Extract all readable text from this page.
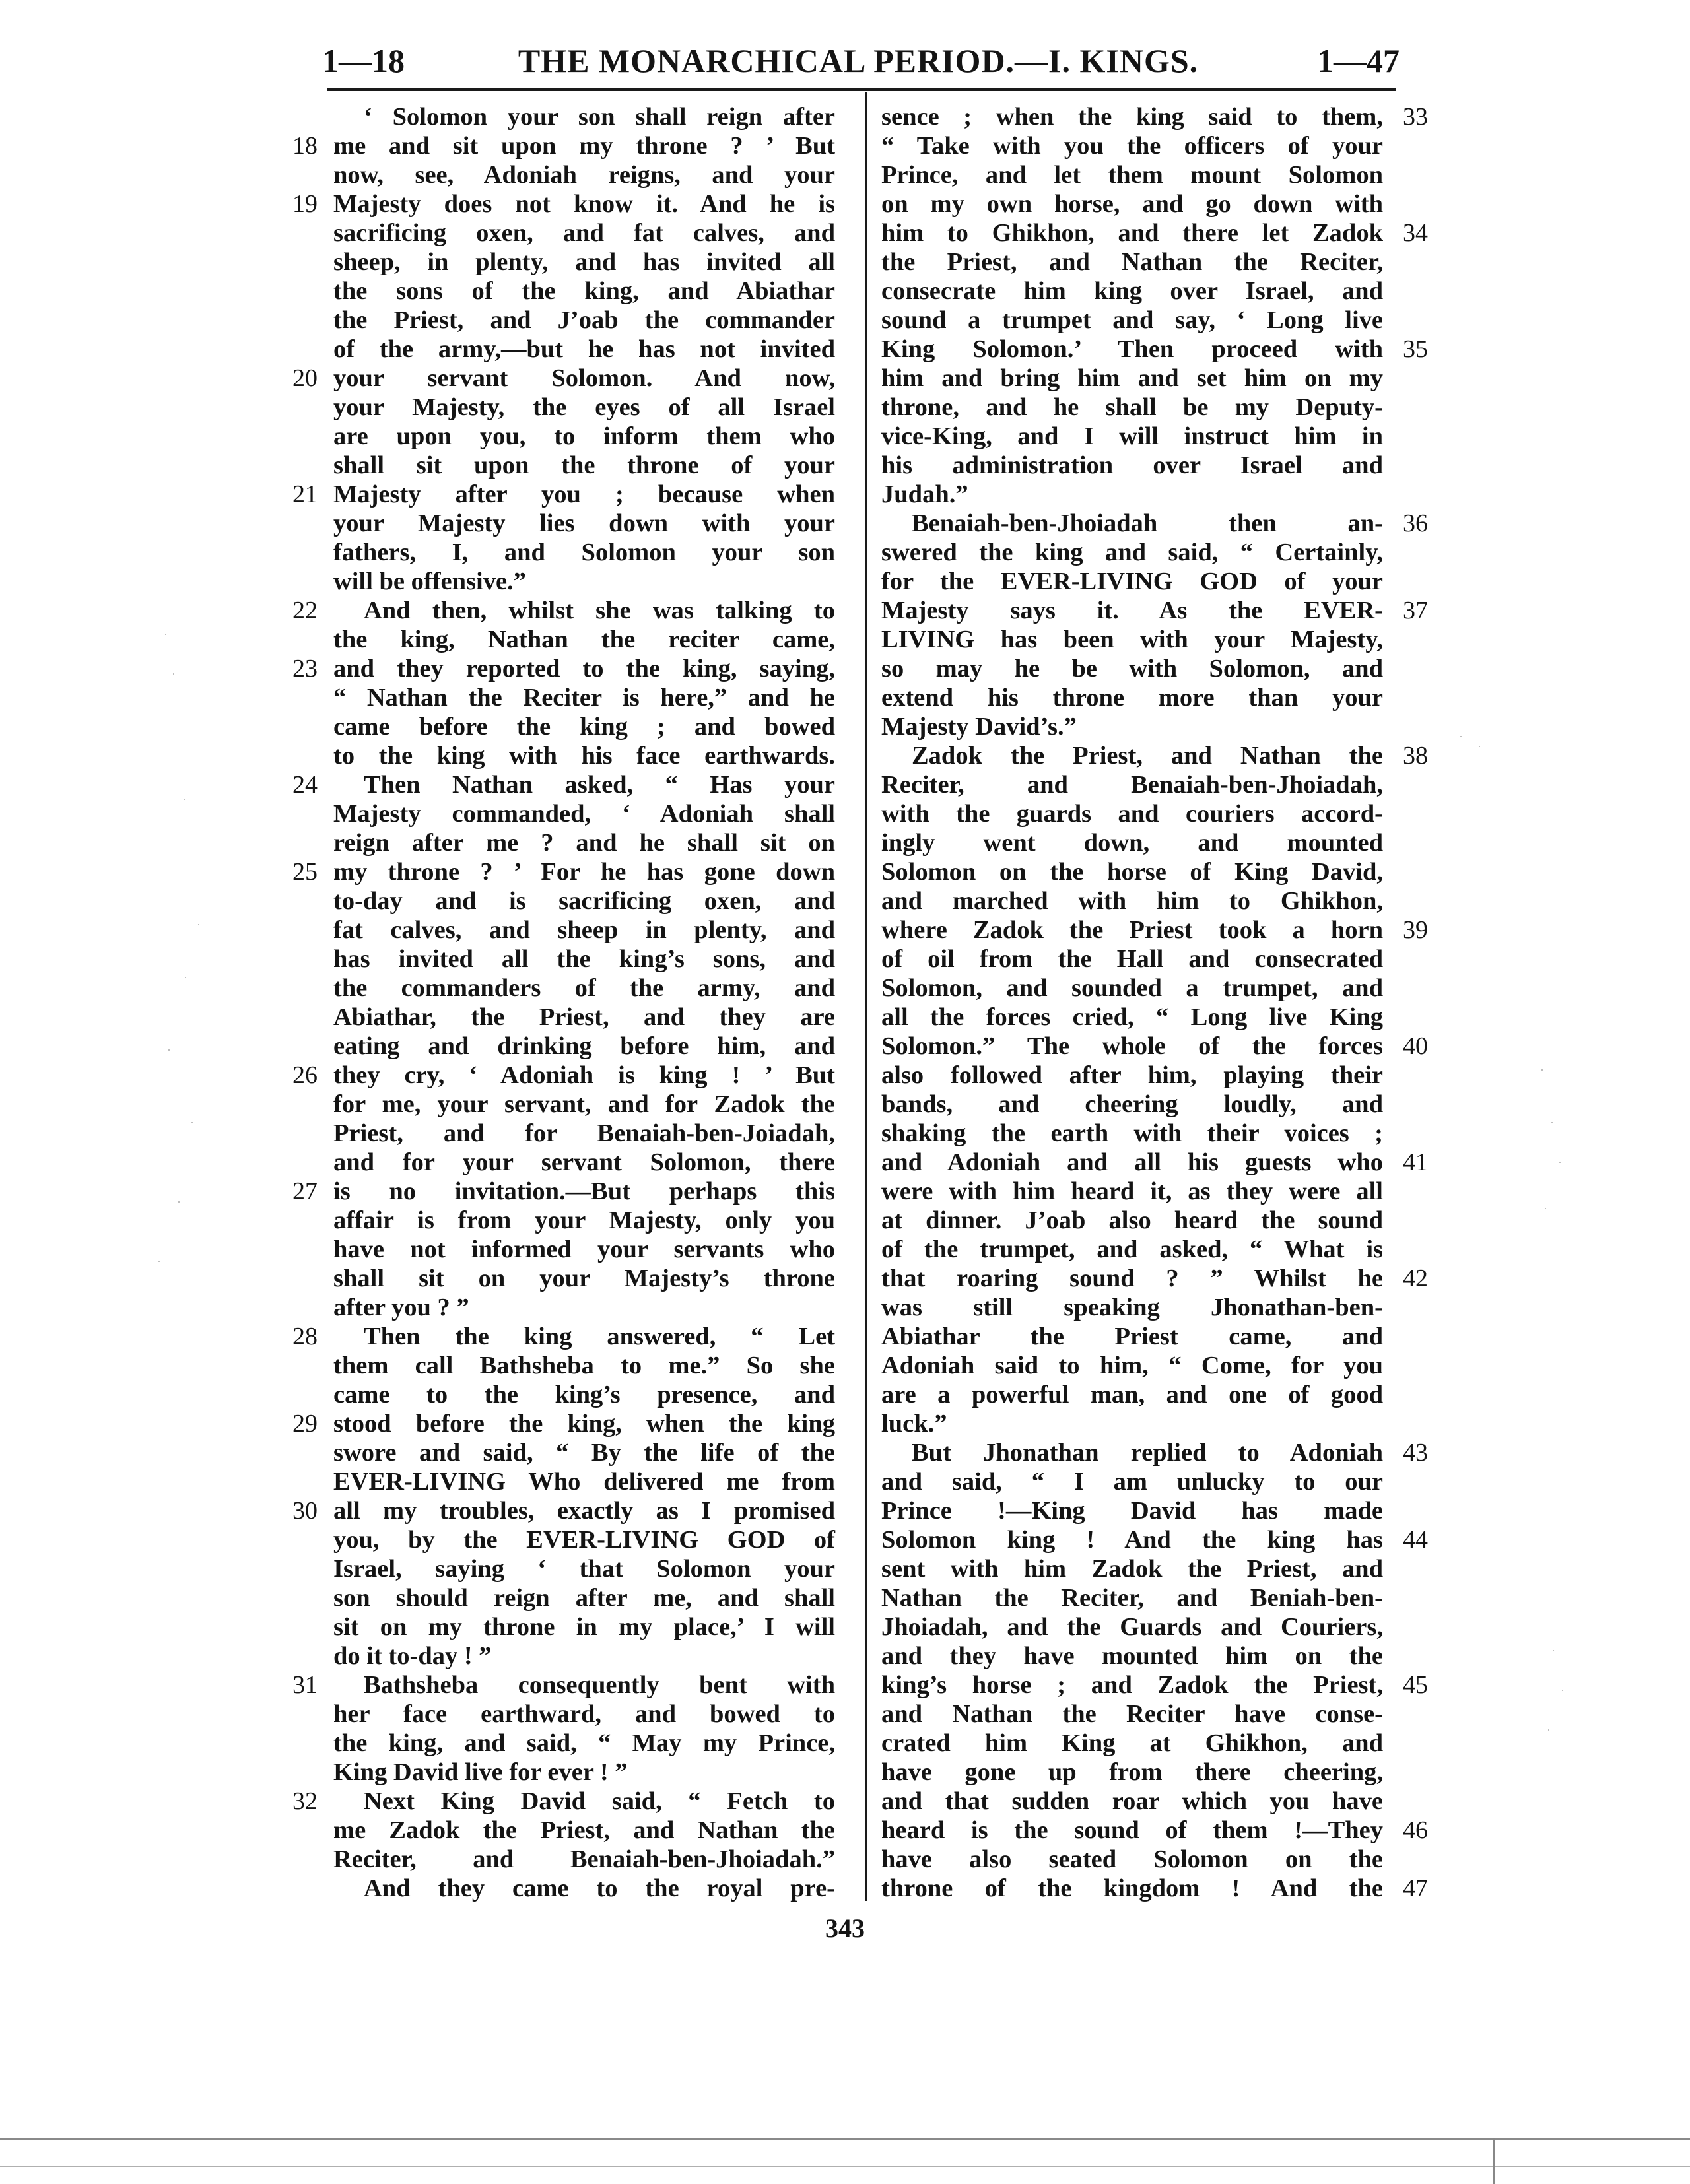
1—18	THE MONARCHICAL PERIOD.—I. KINGS.	1—47
‘ Solomon your son shall reign after
me and sit upon my throne ? ’ But
18
now, see, Adoniah reigns, and your
Majesty does not know it. And he is
19
sacrificing oxen, and fat calves, and
sheep, in plenty, and has invited all
the sons of the king, and Abiathar
the Priest, and J’oab the commander
of the army,—but he has not invited
your servant Solomon. And now,
20
your Majesty, the eyes of all Israel
are upon you, to inform them who
shall sit upon the throne of your
Majesty after you ; because when
21
your Majesty lies down with your
fathers, I, and Solomon your son
will be offensive.”
And then, whilst she was talking to
22
the king, Nathan the reciter came,
and they reported to the king, saying,
23
“ Nathan the Reciter is here,” and he
came before the king ; and bowed
to the king with his face earthwards.
Then Nathan asked, “ Has your
24
Majesty commanded, ‘ Adoniah shall
reign after me ? and he shall sit on
my throne ? ’ For he has gone down
25
to-day and is sacrificing oxen, and
fat calves, and sheep in plenty, and
has invited all the king’s sons, and
the commanders of the army, and
Abiathar, the Priest, and they are
eating and drinking before him, and
they cry, ‘ Adoniah is king ! ’ But
26
for me, your servant, and for Zadok the
Priest, and for Benaiah-ben-Joiadah,
and for your servant Solomon, there
is no invitation.—But perhaps this
27
affair is from your Majesty, only you
have not informed your servants who
shall sit on your Majesty’s throne
after you ? ”
Then the king answered, “ Let
28
them call Bathsheba to me.” So she
came to the king’s presence, and
stood before the king, when the king
29
swore and said, “ By the life of the
EVER-LIVING Who delivered me from
all my troubles, exactly as I promised
30
you, by the EVER-LIVING GOD of
Israel, saying ‘ that Solomon your
son should reign after me, and shall
sit on my throne in my place,’ I will
do it to-day ! ”
Bathsheba consequently bent with
31
her face earthward, and bowed to
the king, and said, “ May my Prince,
King David live for ever ! ”
Next King David said, “ Fetch to
32
me Zadok the Priest, and Nathan the
Reciter, and Benaiah-ben-Jhoiadah.”
And they came to the royal pre-
sence ; when the king said to them, 33
“ Take with you the officers of your
Prince, and let them mount Solomon
on my own horse, and go down with
him to Ghikhon, and there let Zadok 34
the Priest, and Nathan the Reciter,
consecrate him king over Israel, and
sound a trumpet and say, ‘ Long live
King Solomon.’ Then proceed with 35
him and bring him and set him on my
throne, and he shall be my Deputy-
vice-King, and I will instruct him in
his administration over Israel and
Judah.”
Benaiah-ben-Jhoiadah then an- 36
swered the king and said, “ Certainly,
for the EVER-LIVING GOD of your
Majesty says it. As the EVER- 37
LIVING has been with your Majesty,
so may he be with Solomon, and
extend his throne more than your
Majesty David’s.”
Zadok the Priest, and Nathan the 38
Reciter, and Benaiah-ben-Jhoiadah,
with the guards and couriers accord-
ingly went down, and mounted
Solomon on the horse of King David,
and marched with him to Ghikhon,
where Zadok the Priest took a horn 39
of oil from the Hall and consecrated
Solomon, and sounded a trumpet, and
all the forces cried, “ Long live King
Solomon.” The whole of the forces 40
also followed after him, playing their
bands, and cheering loudly, and
shaking the earth with their voices ;
and Adoniah and all his guests who 41
were with him heard it, as they were all
at dinner. J’oab also heard the sound
of the trumpet, and asked, “ What is
that roaring sound ? ” Whilst he 42
was still speaking Jhonathan-ben-
Abiathar the Priest came, and
Adoniah said to him, “ Come, for you
are a powerful man, and one of good
luck.”
But Jhonathan replied to Adoniah 43
and said, “ I am unlucky to our
Prince !—King David has made
Solomon king ! And the king has 44
sent with him Zadok the Priest, and
Nathan the Reciter, and Beniah-ben-
Jhoiadah, and the Guards and Couriers,
and they have mounted him on the
king’s horse ; and Zadok the Priest, 45
and Nathan the Reciter have conse-
crated him King at Ghikhon, and
have gone up from there cheering,
and that sudden roar which you have
heard is the sound of them !—They 46
have also seated Solomon on the
throne of the kingdom ! And the 47
343
